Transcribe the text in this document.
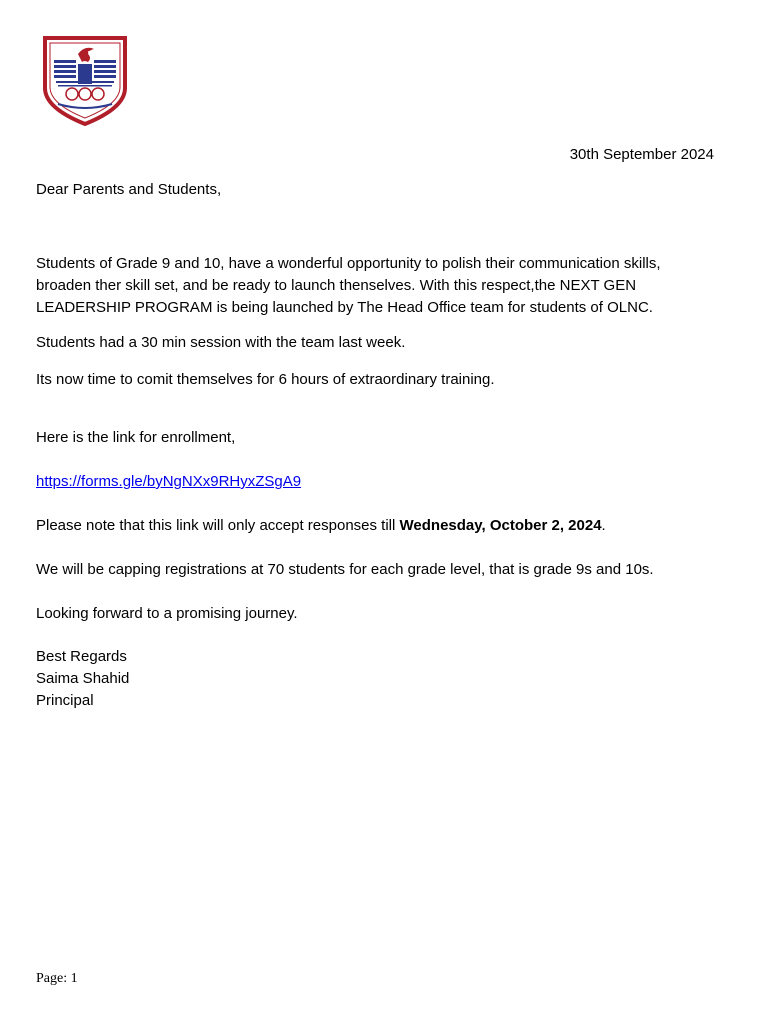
30th September 2024
Dear Parents and Students,

Students of Grade 9 and 10, have a wonderful opportunity to polish their communication skills,
broaden ther skill set, and be ready to launch thenselves. With this respect,the NEXT GEN
LEADERSHIP PROGRAM is being launched by The Head Office team for students of OLNC.

Students had a 30 min session with the team last week.
Its now time to comit themselves for 6 hours of extraordinary training.
Here is the link for enrollment,
https://forms.gle/byNgNXx9RHyxZSgA9
Please note that this link will only accept responses till Wednesday, October 2, 2024.
We will be capping registrations at 70 students for each grade level, that is grade 9s and 10s.
Looking forward to a promising journey.
Best Regards
Saima Shahid
Principal
Page: 1
